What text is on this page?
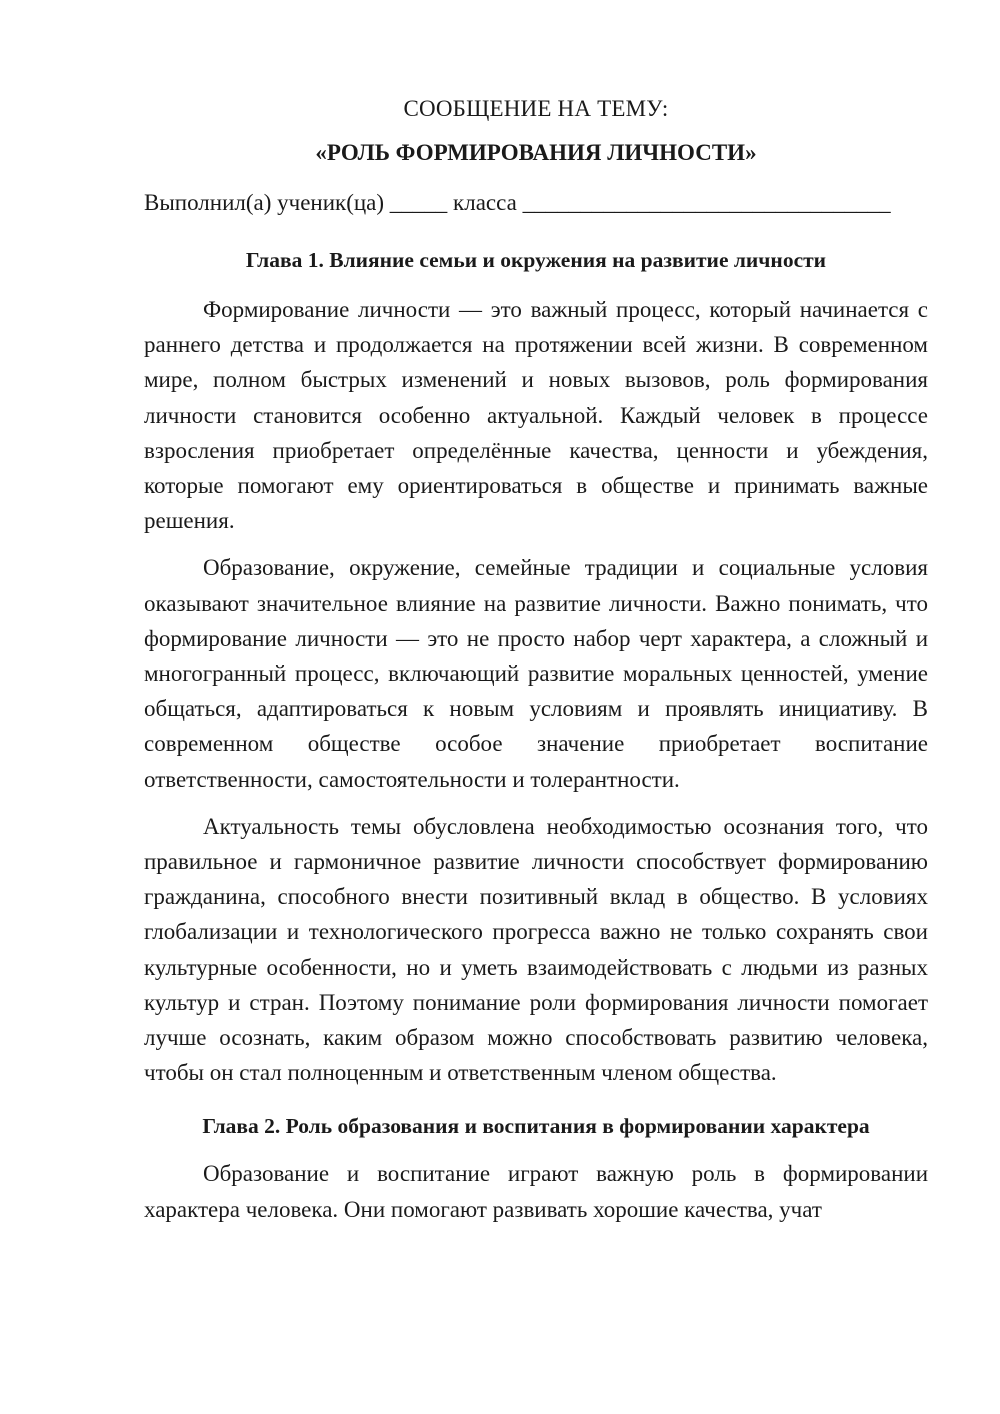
СООБЩЕНИЕ НА ТЕМУ:

«РОЛЬ ФОРМИРОВАНИЯ ЛИЧНОСТИ»

Выполнил(а) ученик(ца) _____ класса ________________________________

Глава 1. Влияние семьи и окружения на развитие личности

Формирование личности — это важный процесс, который начинается с раннего детства и продолжается на протяжении всей жизни. В современном мире, полном быстрых изменений и новых вызовов, роль формирования личности становится особенно актуальной. Каждый человек в процессе взросления приобретает определённые качества, ценности и убеждения, которые помогают ему ориентироваться в обществе и принимать важные решения.

Образование, окружение, семейные традиции и социальные условия оказывают значительное влияние на развитие личности. Важно понимать, что формирование личности — это не просто набор черт характера, а сложный и многогранный процесс, включающий развитие моральных ценностей, умение общаться, адаптироваться к новым условиям и проявлять инициативу. В современном обществе особое значение приобретает воспитание ответственности, самостоятельности и толерантности.

Актуальность темы обусловлена необходимостью осознания того, что правильное и гармоничное развитие личности способствует формированию гражданина, способного внести позитивный вклад в общество. В условиях глобализации и технологического прогресса важно не только сохранять свои культурные особенности, но и уметь взаимодействовать с людьми из разных культур и стран. Поэтому понимание роли формирования личности помогает лучше осознать, каким образом можно способствовать развитию человека, чтобы он стал полноценным и ответственным членом общества.

Глава 2. Роль образования и воспитания в формировании характера

Образование и воспитание играют важную роль в формировании характера человека. Они помогают развивать хорошие качества, учат
